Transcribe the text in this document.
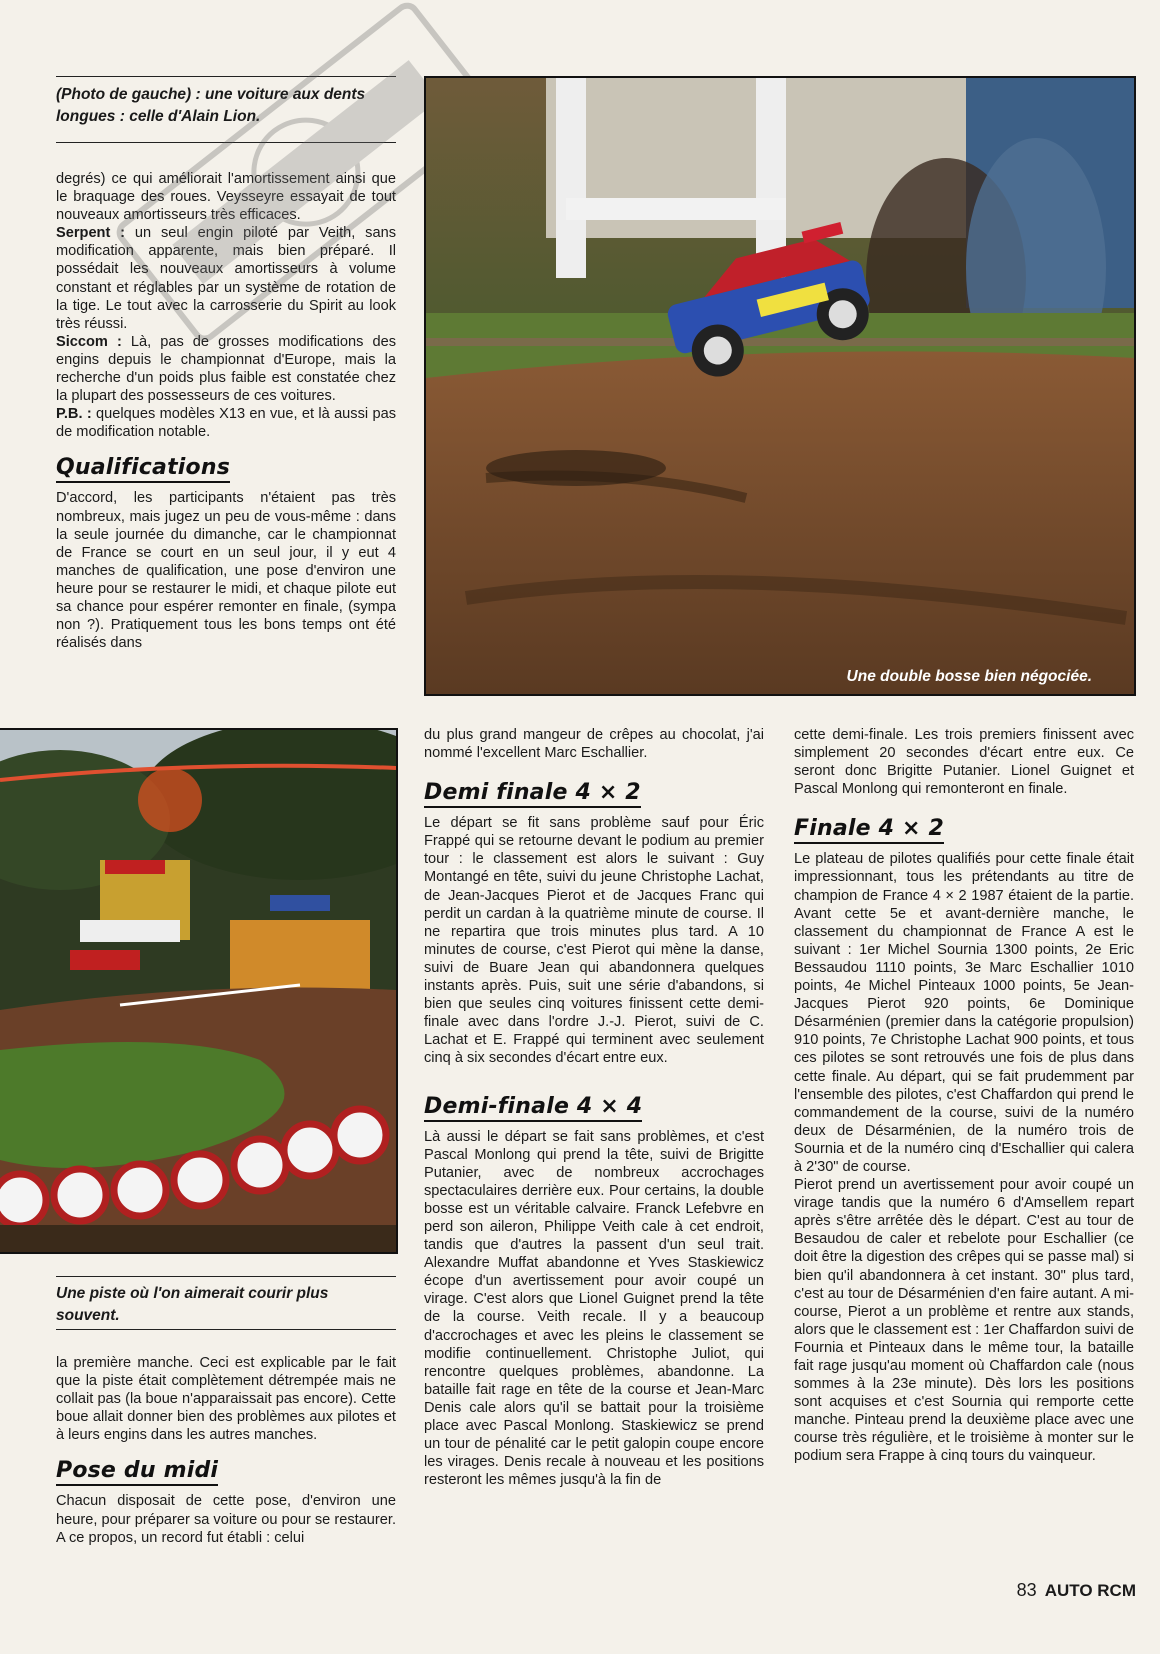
(Photo de gauche) : une voiture aux dents longues : celle d'Alain Lion.

degrés) ce qui améliorait l'amortissement ainsi que le braquage des roues. Veysseyre essayait de tout nouveaux amortisseurs très efficaces.

Serpent : un seul engin piloté par Veith, sans modification apparente, mais bien préparé. Il possédait les nouveaux amortisseurs à volume constant et réglables par un système de rotation de la tige. Le tout avec la carrosserie du Spirit au look très réussi.

Siccom : Là, pas de grosses modifications des engins depuis le championnat d'Europe, mais la recherche d'un poids plus faible est constatée chez la plupart des possesseurs de ces voitures.

P.B. : quelques modèles X13 en vue, et là aussi pas de modification notable.

Qualifications

D'accord, les participants n'étaient pas très nombreux, mais jugez un peu de vous-même : dans la seule journée du dimanche, car le championnat de France se court en un seul jour, il y eut 4 manches de qualification, une pose d'environ une heure pour se restaurer le midi, et chaque pilote eut sa chance pour espérer remonter en finale, (sympa non ?). Pratiquement tous les bons temps ont été réalisés dans

Une double bosse bien négociée.

Une piste où l'on aimerait courir plus souvent.

la première manche. Ceci est explicable par le fait que la piste était complètement détrempée mais ne collait pas (la boue n'apparaissait pas encore). Cette boue allait donner bien des problèmes aux pilotes et à leurs engins dans les autres manches.

Pose du midi

Chacun disposait de cette pose, d'environ une heure, pour préparer sa voiture ou pour se restaurer. A ce propos, un record fut établi : celui

du plus grand mangeur de crêpes au chocolat, j'ai nommé l'excellent Marc Eschallier.

Demi finale 4 × 2

Le départ se fit sans problème sauf pour Éric Frappé qui se retourne devant le podium au premier tour : le classement est alors le suivant : Guy Montangé en tête, suivi du jeune Christophe Lachat, de Jean-Jacques Pierot et de Jacques Franc qui perdit un cardan à la quatrième minute de course. Il ne repartira que trois minutes plus tard. A 10 minutes de course, c'est Pierot qui mène la danse, suivi de Buare Jean qui abandonnera quelques instants après. Puis, suit une série d'abandons, si bien que seules cinq voitures finissent cette demi-finale avec dans l'ordre J.-J. Pierot, suivi de C. Lachat et E. Frappé qui terminent avec seulement cinq à six secondes d'écart entre eux.

Demi-finale 4 × 4

Là aussi le départ se fait sans problèmes, et c'est Pascal Monlong qui prend la tête, suivi de Brigitte Putanier, avec de nombreux accrochages spectaculaires derrière eux. Pour certains, la double bosse est un véritable calvaire. Franck Lefebvre en perd son aileron, Philippe Veith cale à cet endroit, tandis que d'autres la passent d'un seul trait. Alexandre Muffat abandonne et Yves Staskiewicz écope d'un avertissement pour avoir coupé un virage. C'est alors que Lionel Guignet prend la tête de la course. Veith recale. Il y a beaucoup d'accrochages et avec les pleins le classement se modifie continuellement. Christophe Juliot, qui rencontre quelques problèmes, abandonne. La bataille fait rage en tête de la course et Jean-Marc Denis cale alors qu'il se battait pour la troisième place avec Pascal Monlong. Staskiewicz se prend un tour de pénalité car le petit galopin coupe encore les virages. Denis recale à nouveau et les positions resteront les mêmes jusqu'à la fin de

cette demi-finale. Les trois premiers finissent avec simplement 20 secondes d'écart entre eux. Ce seront donc Brigitte Putanier. Lionel Guignet et Pascal Monlong qui remonteront en finale.

Finale 4 × 2

Le plateau de pilotes qualifiés pour cette finale était impressionnant, tous les prétendants au titre de champion de France 4 × 2 1987 étaient de la partie. Avant cette 5e et avant-dernière manche, le classement du championnat de France A est le suivant : 1er Michel Sournia 1300 points, 2e Eric Bessaudou 1110 points, 3e Marc Eschallier 1010 points, 4e Michel Pinteaux 1000 points, 5e Jean-Jacques Pierot 920 points, 6e Dominique Désarménien (premier dans la catégorie propulsion) 910 points, 7e Christophe Lachat 900 points, et tous ces pilotes se sont retrouvés une fois de plus dans cette finale. Au départ, qui se fait prudemment par l'ensemble des pilotes, c'est Chaffardon qui prend le commandement de la course, suivi de la numéro deux de Désarménien, de la numéro trois de Sournia et de la numéro cinq d'Eschallier qui calera à 2'30" de course.

Pierot prend un avertissement pour avoir coupé un virage tandis que la numéro 6 d'Amsellem repart après s'être arrêtée dès le départ. C'est au tour de Besaudou de caler et rebelote pour Eschallier (ce doit être la digestion des crêpes qui se passe mal) si bien qu'il abandonnera à cet instant. 30" plus tard, c'est au tour de Désarménien d'en faire autant. A mi-course, Pierot a un problème et rentre aux stands, alors que le classement est : 1er Chaffardon suivi de Fournia et Pinteaux dans le même tour, la bataille fait rage jusqu'au moment où Chaffardon cale (nous sommes à la 23e minute). Dès lors les positions sont acquises et c'est Sournia qui remporte cette manche. Pinteau prend la deuxième place avec une course très régulière, et le troisième à monter sur le podium sera Frappe à cinq tours du vainqueur.

83 AUTO RCM
